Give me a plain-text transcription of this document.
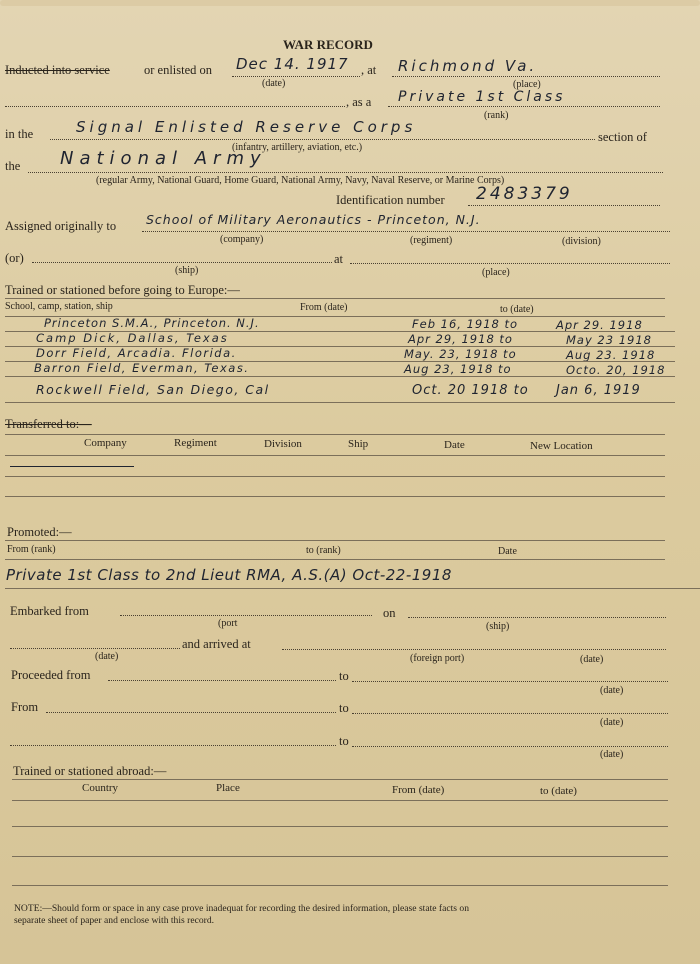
WAR RECORD
Inducted into service	or enlisted on Dec 14. 1917 , at Richmond Va.
(date)	(place)
, as a Private 1st Class
(rank)
in the	Signal Enlisted Reserve Corps
section of
(infantry, artillery, aviation, etc.)
the National Army
(regular Army, National Guard, Home Guard, National Army, Navy, Naval Reserve, or Marine Corps)
Identification number 2483379
Assigned originally to School of Military Aeronautics - Princeton, N.J.
(company)	(regiment)	(division)
(or)	at
(ship)	(place)
Trained or stationed before going to Europe:—
School, camp, station, ship	From (date)	to (date)
Princeton S.M.A., Princeton. N.J.	Feb 16, 1918 to	Apr 29. 1918
Camp Dick, Dallas, Texas	Apr 29, 1918 to	May 23 1918
Dorr Field, Arcadia. Florida.	May. 23, 1918 to	Aug 23. 1918
Barron Field, Everman, Texas.	Aug 23, 1918 to	Octo. 20, 1918
Rockwell Field, San Diego, Cal	Oct. 20 1918 to Jan 6, 1919
Transferred to:—
Company	Regiment	Division	Ship	Date	New Location
Promoted:—
From (rank)	to (rank)	Date
Private 1st Class to 2nd Lieut RMA, A.S.(A) Oct-22-1918
Embarked from	on
(port	(ship)
and arrived at
(date)	(foreign port)	(date)
Proceeded from	to
(date)
From	to
(date)
to
(date)
Trained or stationed abroad:—
Country	Place	From (date)	to (date)
NOTE:—Should form or space in any case prove inadequat for recording the desired information, please state facts on
separate sheet of paper and enclose with this record.
